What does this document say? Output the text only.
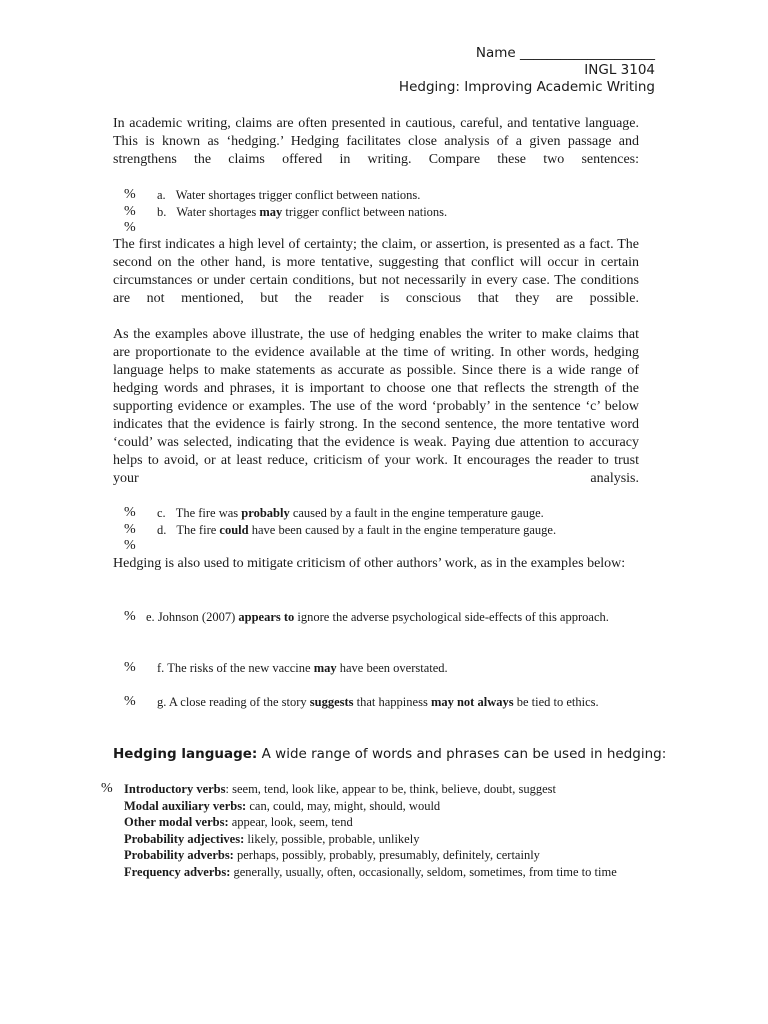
Name ____________________
INGL 3104
Hedging: Improving Academic Writing
In academic writing, claims are often presented in cautious, careful, and tentative language. This is known as ‘hedging.’ Hedging facilitates close analysis of a given passage and strengthens the claims offered in writing. Compare these two sentences:
% a. Water shortages trigger conflict between nations.
% b. Water shortages may trigger conflict between nations.
%
The first indicates a high level of certainty; the claim, or assertion, is presented as a fact. The second on the other hand, is more tentative, suggesting that conflict will occur in certain circumstances or under certain conditions, but not necessarily in every case. The conditions are not mentioned, but the reader is conscious that they are possible.
As the examples above illustrate, the use of hedging enables the writer to make claims that are proportionate to the evidence available at the time of writing. In other words, hedging language helps to make statements as accurate as possible. Since there is a wide range of hedging words and phrases, it is important to choose one that reflects the strength of the supporting evidence or examples. The use of the word ‘probably’ in the sentence ‘c’ below indicates that the evidence is fairly strong. In the second sentence, the more tentative word ‘could’ was selected, indicating that the evidence is weak. Paying due attention to accuracy helps to avoid, or at least reduce, criticism of your work. It encourages the reader to trust your analysis.
% c. The fire was probably caused by a fault in the engine temperature gauge.
% d. The fire could have been caused by a fault in the engine temperature gauge.
%
Hedging is also used to mitigate criticism of other authors’ work, as in the examples below:
% e. Johnson (2007) appears to ignore the adverse psychological side-effects of this approach.
% f. The risks of the new vaccine may have been overstated.
% g. A close reading of the story suggests that happiness may not always be tied to ethics.
Hedging language: A wide range of words and phrases can be used in hedging:
% Introductory verbs: seem, tend, look like, appear to be, think, believe, doubt, suggest
Modal auxiliary verbs: can, could, may, might, should, would
Other modal verbs: appear, look, seem, tend
Probability adjectives: likely, possible, probable, unlikely
Probability adverbs: perhaps, possibly, probably, presumably, definitely, certainly
Frequency adverbs: generally, usually, often, occasionally, seldom, sometimes, from time to time
